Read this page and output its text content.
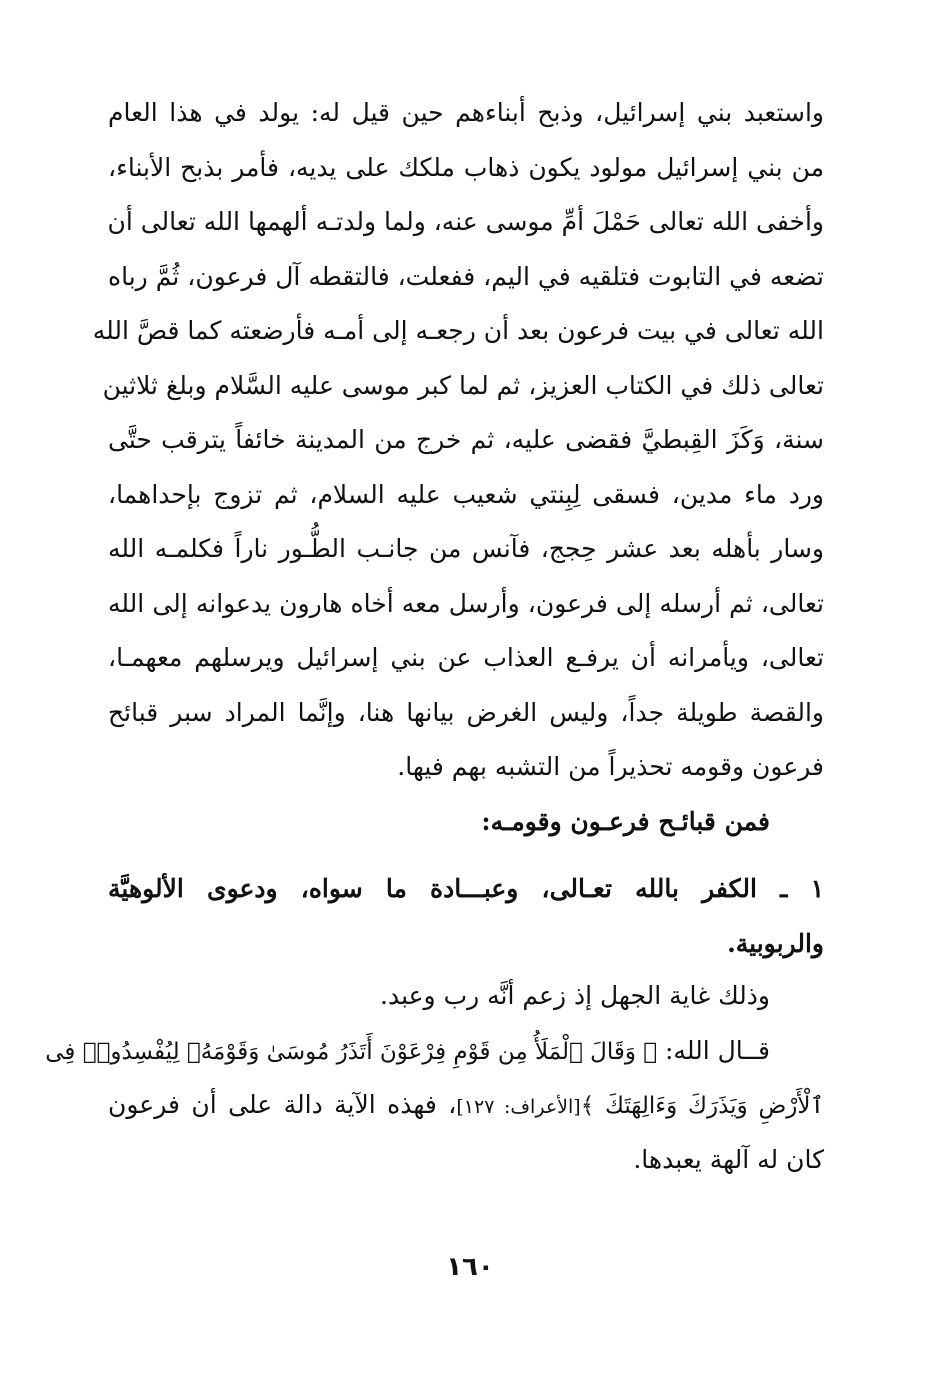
واستعبد بني إسرائيل، وذبح أبناءهم حين قيل له: يولد في هذا العام
من بني إسرائيل مولود يكون ذهاب ملكك على يديه، فأمر بذبح الأبناء،
وأخفى الله تعالى حَمْلَ أمِّ موسى عنه، ولما ولدتـه ألهمها الله تعالى أن
تضعه في التابوت فتلقيه في اليم، ففعلت، فالتقطه آل فرعون، ثُمَّ رباه
الله تعالى في بيت فرعون بعد أن رجعـه إلى أمـه فأرضعته كما قصَّ الله
تعالى ذلك في الكتاب العزيز، ثم لما كبر موسى عليه السَّلام وبلغ ثلاثين
سنة، وَكَزَ القِبطيَّ فقضى عليه، ثم خرج من المدينة خائفاً يترقب حتَّى
ورد ماء مدين، فسقى لِبِنتي شعيب عليه السلام، ثم تزوج بإحداهما،
وسار بأهله بعد عشر حِجج، فآنس من جانـب الطُّـور ناراً فكلمـه الله
تعالى، ثم أرسله إلى فرعون، وأرسل معه أخاه هارون يدعوانه إلى الله
تعالى، ويأمرانه أن يرفـع العذاب عن بني إسرائيل ويرسلهم معهمـا،
والقصة طويلة جداً، وليس الغرض بيانها هنا، وإنَّما المراد سبر قبائح
فرعون وقومه تحذيراً من التشبه بهم فيها.
فمن قبائـح فرعـون وقومـه:
١ ـ الكفر بالله تعـالى، وعبـــادة ما سواه، ودعوى الألوهيَّة
والربوبية.
وذلك غاية الجهل إذ زعم أنَّه رب وعبد.
قــال الله: ﴿ وَقَالَ ٱلْمَلَأُ مِن قَوْمِ فِرْعَوْنَ أَتَذَرُ مُوسَىٰ وَقَوْمَهُۥ لِيُفْسِدُوا۟ فِى
ٱلْأَرْضِ وَيَذَرَكَ وَءَالِهَتَكَ ﴾[الأعراف: ١٢٧]، فهذه الآية دالة على أن فرعون
كان له آلهة يعبدها.
١٦٠
